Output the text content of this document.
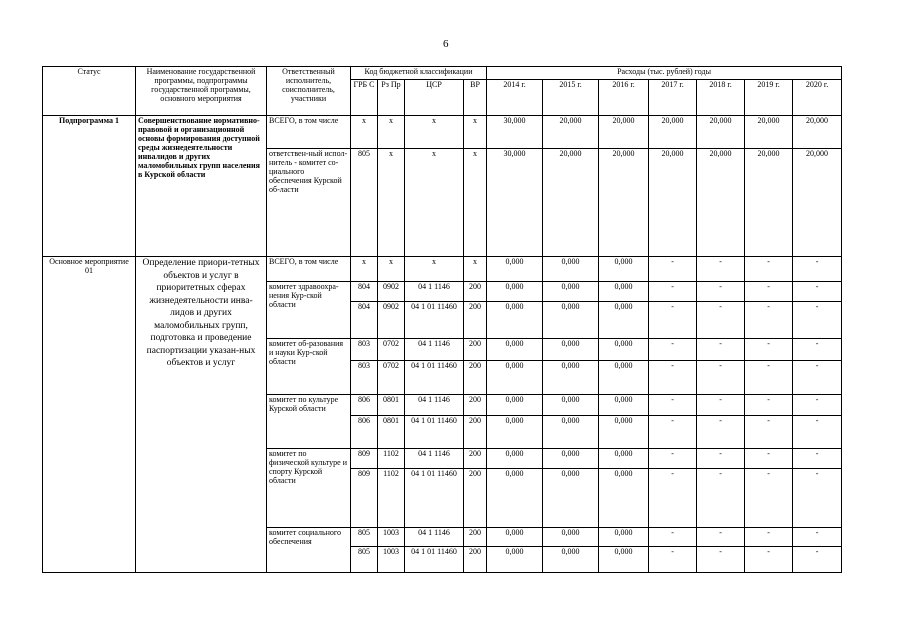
6
Статус	Наименование государственной программы, подпрограммы государственной программы, основного мероприятия	Ответственный исполнитель, соисполнитель, участники	Код бюджетной классификации				Расходы (тыс. рублей) годы						
			ГРБ С	Рз Пр	ЦСР	ВР	2014 г.	2015 г.	2016 г.	2017 г.	2018 г.	2019 г.	2020 г.
Подпрограмма 1	Совершенствование нормативно-правовой и организационной основы формирования доступной среды жизнедеятельности инвалидов и других маломобильных групп населения в Курской области	ВСЕГО, в том числе	x	x	x	x	30,000	20,000	20,000	20,000	20,000	20,000	20,000
		ответствен-ный испол-нитель - комитет со-циального обеспечения Курской об-ласти	805	x	x	x	30,000	20,000	20,000	20,000	20,000	20,000	20,000
Основное мероприятие 01	Определение приори-тетных объектов и услуг в приоритетных сферах жизнедеятельности инва-лидов и других маломобильных групп, подготовка и проведение паспортизации указан-ных объектов и услуг	ВСЕГО, в том числе	x	x	x	x	0,000	0,000	0,000	-	-	-	-
		комитет здравоохра-нения Кур-ской области	804	0902	04 1 1146	200	0,000	0,000	0,000	-	-	-	-
			804	0902	04 1 01 11460	200	0,000	0,000	0,000	-	-	-	-
		комитет об-разования и науки Кур-ской области	803	0702	04 1 1146	200	0,000	0,000	0,000	-	-	-	-
			803	0702	04 1 01 11460	200	0,000	0,000	0,000	-	-	-	-
		комитет по культуре Курской области	806	0801	04 1 1146	200	0,000	0,000	0,000	-	-	-	-
			806	0801	04 1 01 11460	200	0,000	0,000	0,000	-	-	-	-
		комитет по физической культуре и спорту Курской области	809	1102	04 1 1146	200	0,000	0,000	0,000	-	-	-	-
			809	1102	04 1 01 11460	200	0,000	0,000	0,000	-	-	-	-
		комитет социального обеспечения	805	1003	04 1 1146	200	0,000	0,000	0,000	-	-	-	-
			805	1003	04 1 01 11460	200	0,000	0,000	0,000	-	-	-	-
